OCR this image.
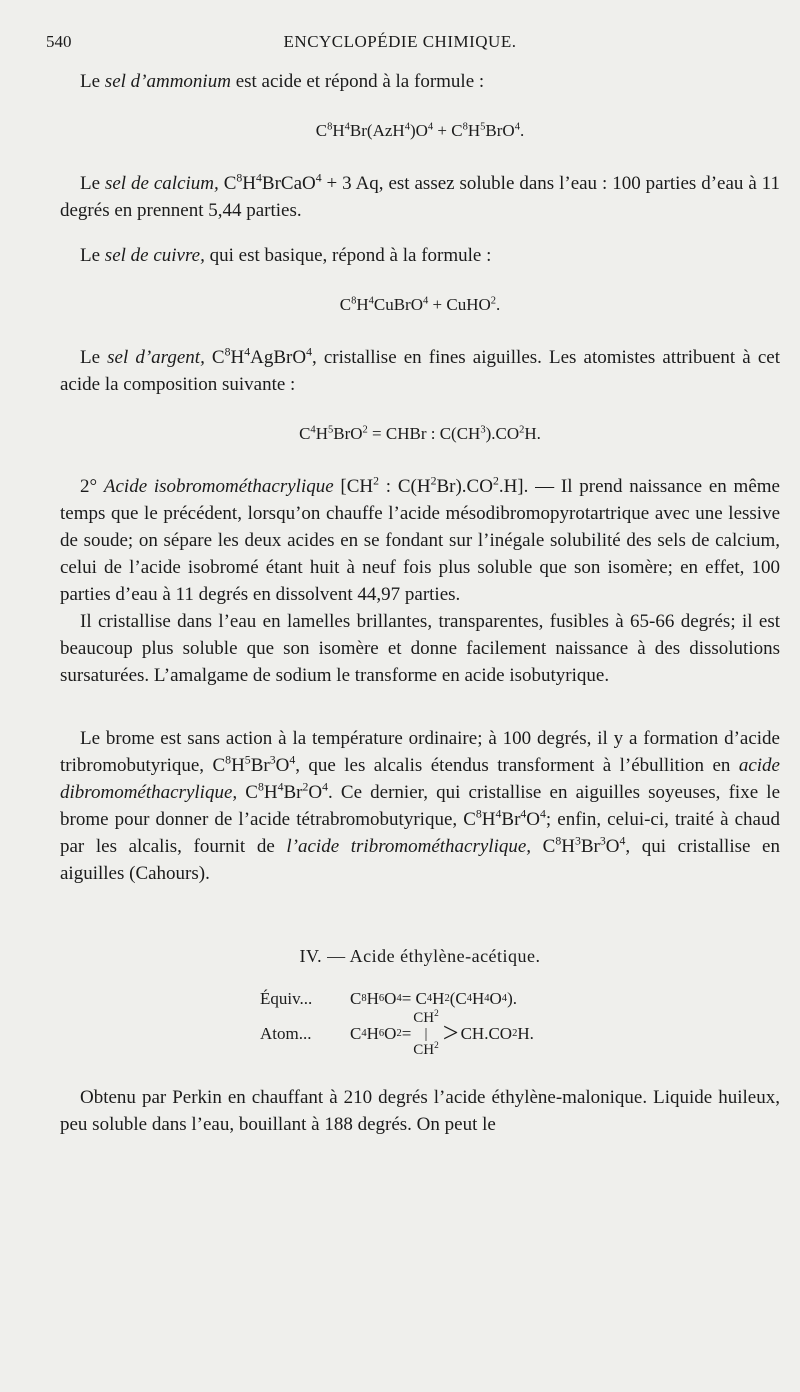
540	ENCYCLOPÉDIE CHIMIQUE.

Le sel d’ammonium est acide et répond à la formule :

$C^8H^4Br(AzH^4)O^4 + C^8H^5BrO^4$.

Le sel de calcium, $C^8H^4BrCaO^4 + 3$ Aq, est assez soluble dans l’eau : 100 parties d’eau à 11 degrés en prennent 5,44 parties.

Le sel de cuivre, qui est basique, répond à la formule :

$C^8H^4CuBrO^4$ + CuHO$^2$.

Le sel d’argent, $C^8H^4AgBrO^4$, cristallise en fines aiguilles. Les atomistes attribuent à cet acide la composition suivante :

$C^4H^5BrO^2$ = CHBr : $C(CH^3).CO^2H$.

2° Acide isobromométhacrylique [$CH^2$ : $C(H^2Br).CO^2.H$]. — Il prend naissance en même temps que le précédent, lorsqu’on chauffe l’acide mésodibromopyrotartrique avec une lessive de soude; on sépare les deux acides en se fondant sur l’inégale solubilité des sels de calcium, celui de l’acide isobromé étant huit à neuf fois plus soluble que son isomère; en effet, 100 parties d’eau à 11 degrés en dissolvent 44,97 parties.

Il cristallise dans l’eau en lamelles brillantes, transparentes, fusibles à 65-66 degrés; il est beaucoup plus soluble que son isomère et donne facilement naissance à des dissolutions sursaturées. L’amalgame de sodium le transforme en acide isobutyrique.

Le brome est sans action à la température ordinaire; à 100 degrés, il y a formation d’acide tribromobutyrique, $C^8H^5Br^3O^4$, que les alcalis étendus transforment à l’ébullition en acide dibromométhacrylique, $C^8H^4Br^2O^4$. Ce dernier, qui cristallise en aiguilles soyeuses, fixe le brome pour donner de l’acide tétrabromobutyrique, $C^8H^4Br^4O^4$; enfin, celui-ci, traité à chaud par les alcalis, fournit de l’acide tribromométhacrylique, $C^8H^3Br^3O^4$, qui cristallise en aiguilles (Cahours).

IV. — Acide éthylène-acétique.
Équiv...	C 8 H 6 O 4 = C 4 H 2 (C 4 H 4 O 4 ).
Atom...	C 4 H 6 O 2 =
$CH^2$
|
$CH^2 > CH.CO$ 2 H.

Obtenu par Perkin en chauffant à 210 degrés l’acide éthylène-malonique. Liquide huileux, peu soluble dans l’eau, bouillant à 188 degrés. On peut le
